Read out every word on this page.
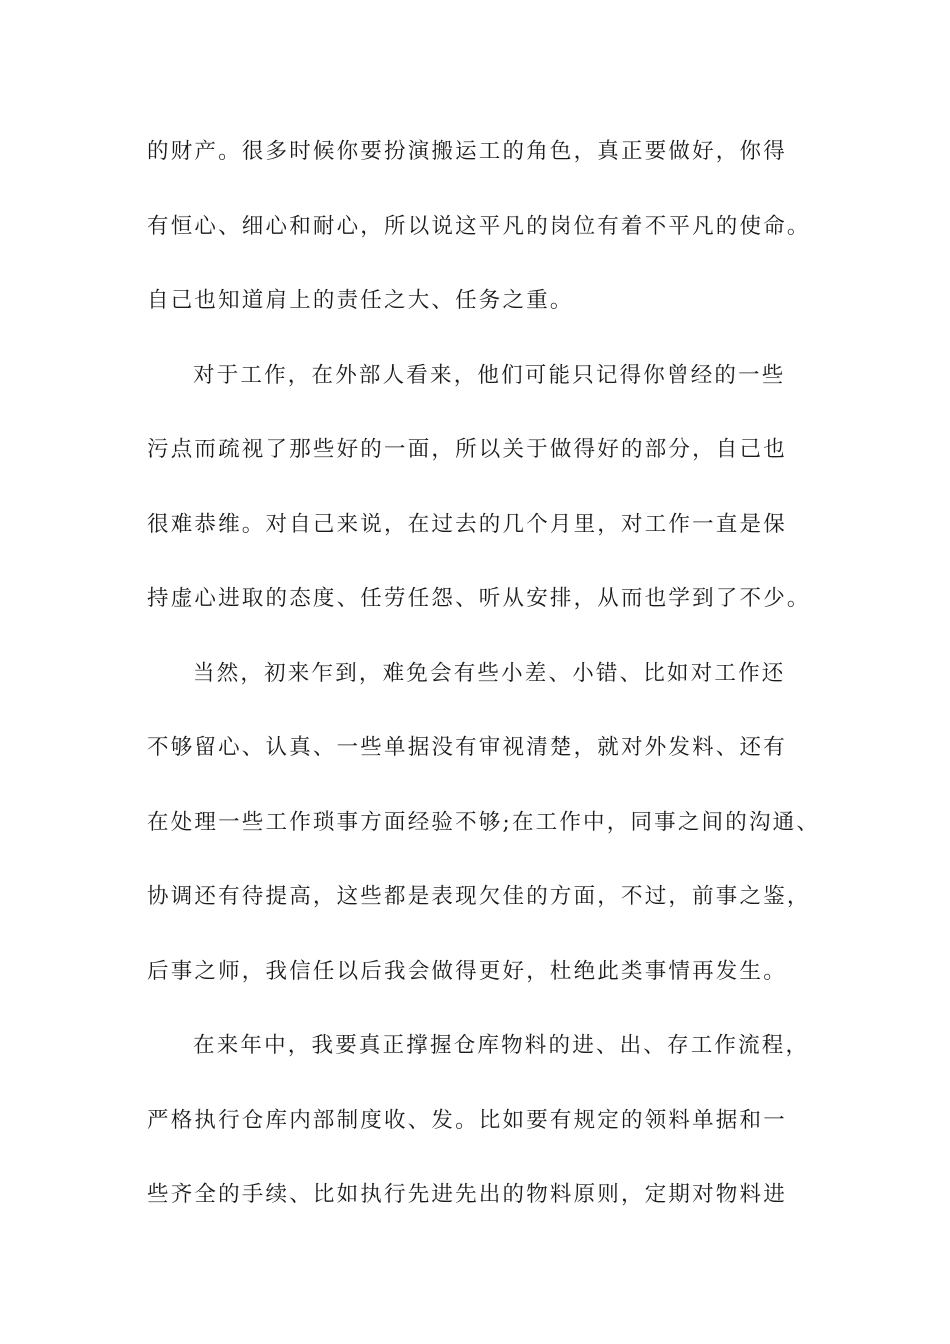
的财产。很多时候你要扮演搬运工的角色，真正要做好，你得
有恒心、细心和耐心，所以说这平凡的岗位有着不平凡的使命。
自己也知道肩上的责任之大、任务之重。
对于工作，在外部人看来，他们可能只记得你曾经的一些
污点而疏视了那些好的一面，所以关于做得好的部分，自己也
很难恭维。对自己来说，在过去的几个月里，对工作一直是保
持虚心进取的态度、任劳任怨、听从安排，从而也学到了不少。
当然，初来乍到，难免会有些小差、小错、比如对工作还
不够留心、认真、一些单据没有审视清楚，就对外发料、还有
在处理一些工作琐事方面经验不够;在工作中，同事之间的沟通、
协调还有待提高，这些都是表现欠佳的方面，不过，前事之鉴，
后事之师，我信任以后我会做得更好，杜绝此类事情再发生。
在来年中，我要真正撑握仓库物料的进、出、存工作流程，
严格执行仓库内部制度收、发。比如要有规定的领料单据和一
些齐全的手续、比如执行先进先出的物料原则，定期对物料进
